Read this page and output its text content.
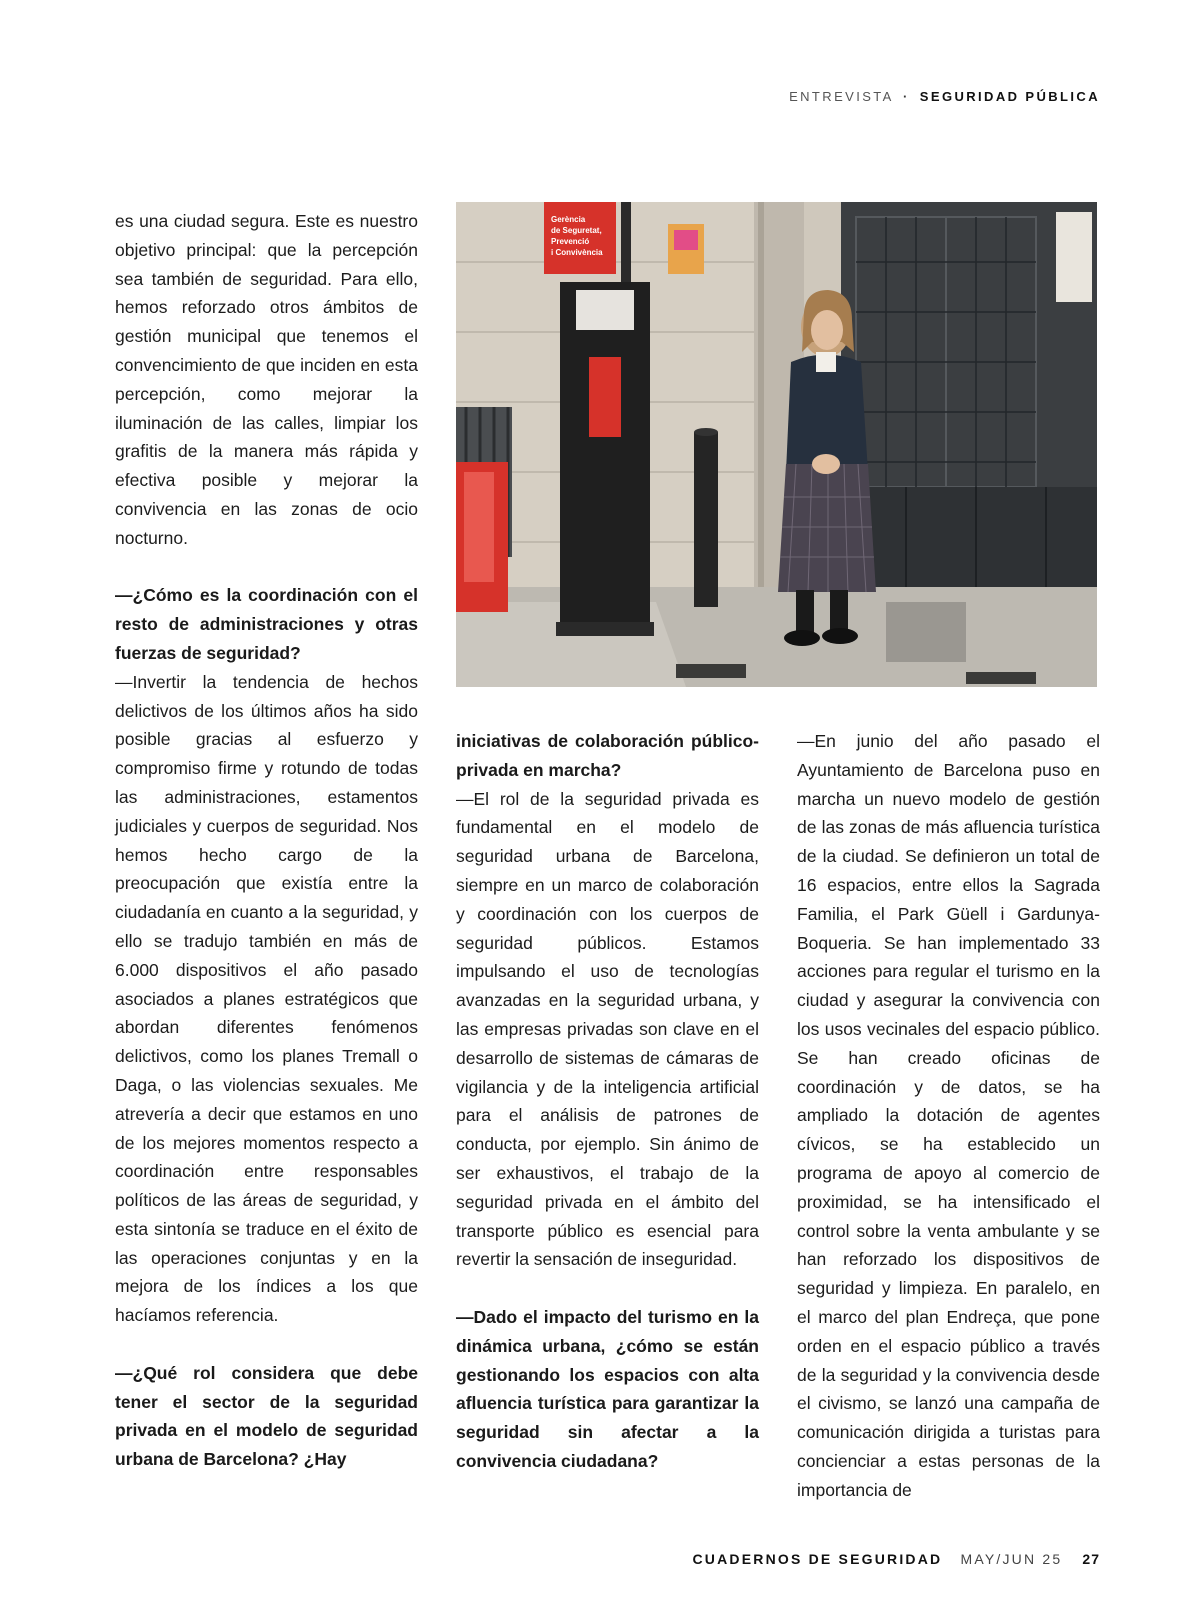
ENTREVISTA · SEGURIDAD PÚBLICA

es una ciudad segura. Este es nuestro objetivo principal: que la percepción sea también de seguridad. Para ello, hemos reforzado otros ámbitos de gestión municipal que tenemos el convencimiento de que inciden en esta percepción, como mejorar la iluminación de las calles, limpiar los grafitis de la manera más rápida y efectiva posible y mejorar la convivencia en las zonas de ocio nocturno.

—¿Cómo es la coordinación con el resto de administraciones y otras fuerzas de seguridad?

—Invertir la tendencia de hechos delictivos de los últimos años ha sido posible gracias al esfuerzo y compromiso firme y rotundo de todas las administraciones, estamentos judiciales y cuerpos de seguridad. Nos hemos hecho cargo de la preocupación que existía entre la ciudadanía en cuanto a la seguridad, y ello se tradujo también en más de 6.000 dispositivos el año pasado asociados a planes estratégicos que abordan diferentes fenómenos delictivos, como los planes Tremall o Daga, o las violencias sexuales. Me atrevería a decir que estamos en uno de los mejores momentos respecto a coordinación entre responsables políticos de las áreas de seguridad, y esta sintonía se traduce en el éxito de las operaciones conjuntas y en la mejora de los índices a los que hacíamos referencia.

—¿Qué rol considera que debe tener el sector de la seguridad privada en el modelo de seguridad urbana de Barcelona? ¿Hay

Gerència
de Seguretat,
Prevenció
i Convivència

iniciativas de colaboración público-privada en marcha?

—El rol de la seguridad privada es fundamental en el modelo de seguridad urbana de Barcelona, siempre en un marco de colaboración y coordinación con los cuerpos de seguridad públicos. Estamos impulsando el uso de tecnologías avanzadas en la seguridad urbana, y las empresas privadas son clave en el desarrollo de sistemas de cámaras de vigilancia y de la inteligencia artificial para el análisis de patrones de conducta, por ejemplo. Sin ánimo de ser exhaustivos, el trabajo de la seguridad privada en el ámbito del transporte público es esencial para revertir la sensación de inseguridad.

—Dado el impacto del turismo en la dinámica urbana, ¿cómo se están gestionando los espacios con alta afluencia turística para garantizar la seguridad sin afectar a la convivencia ciudadana?

—En junio del año pasado el Ayuntamiento de Barcelona puso en marcha un nuevo modelo de gestión de las zonas de más afluencia turística de la ciudad. Se definieron un total de 16 espacios, entre ellos la Sagrada Familia, el Park Güell i Gardunya-Boqueria. Se han implementado 33 acciones para regular el turismo en la ciudad y asegurar la convivencia con los usos vecinales del espacio público. Se han creado oficinas de coordinación y de datos, se ha ampliado la dotación de agentes cívicos, se ha establecido un programa de apoyo al comercio de proximidad, se ha intensificado el control sobre la venta ambulante y se han reforzado los dispositivos de seguridad y limpieza. En paralelo, en el marco del plan Endreça, que pone orden en el espacio público a través de la seguridad y la convivencia desde el civismo, se lanzó una campaña de comunicación dirigida a turistas para concienciar a estas personas de la importancia de

CUADERNOS DE SEGURIDAD MAY/JUN 25 27
